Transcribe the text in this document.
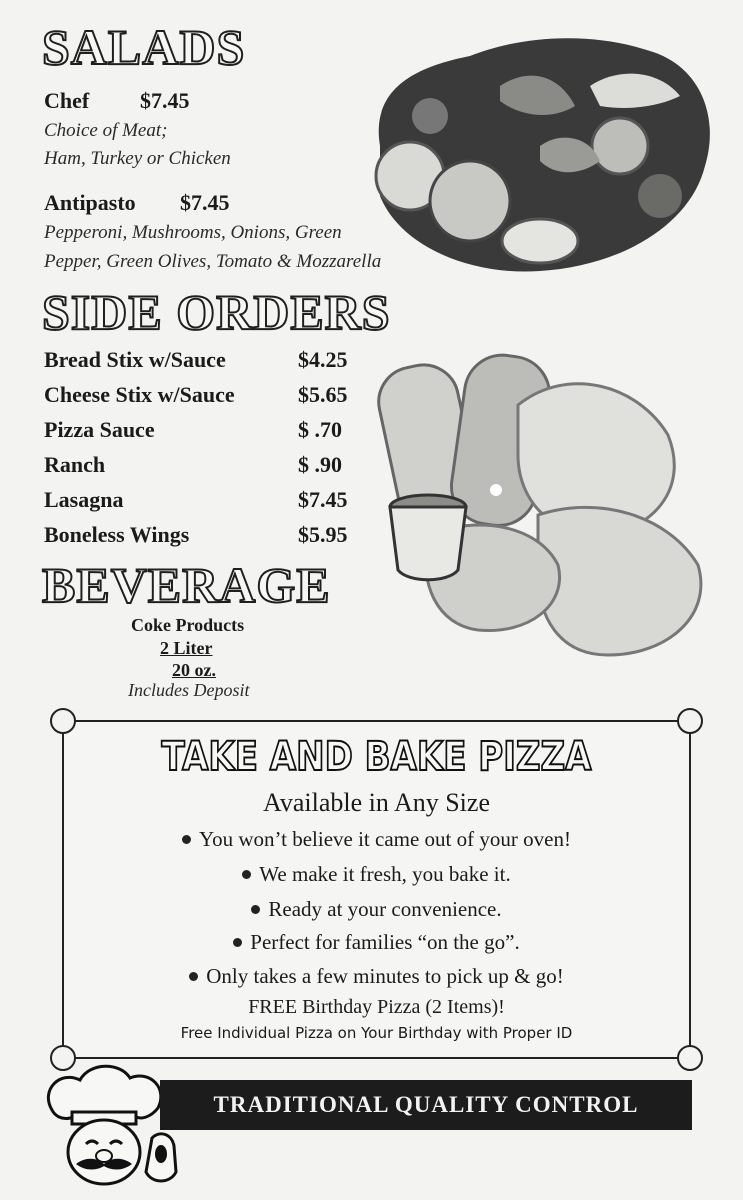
SALADS
Chef $7.45
Choice of Meat;
Ham, Turkey or Chicken
Antipasto $7.45
Pepperoni, Mushrooms, Onions, Green
Pepper, Green Olives, Tomato & Mozzarella
SIDE ORDERS
Bread Stix w/Sauce	$4.25
Cheese Stix w/Sauce	$5.65
Pizza Sauce	$ .70
Ranch	$ .90
Lasagna	$7.45
Boneless Wings	$5.95
BEVERAGE
Coke Products
2 Liter
20 oz.
Includes Deposit
TAKE AND BAKE PIZZA
Available in Any Size
You won’t believe it came out of your oven!
We make it fresh, you bake it.
Ready at your convenience.
Perfect for families “on the go”.
Only takes a few minutes to pick up & go!
FREE Birthday Pizza (2 Items)!
Free Individual Pizza on Your Birthday with Proper ID
TRADITIONAL QUALITY CONTROL
